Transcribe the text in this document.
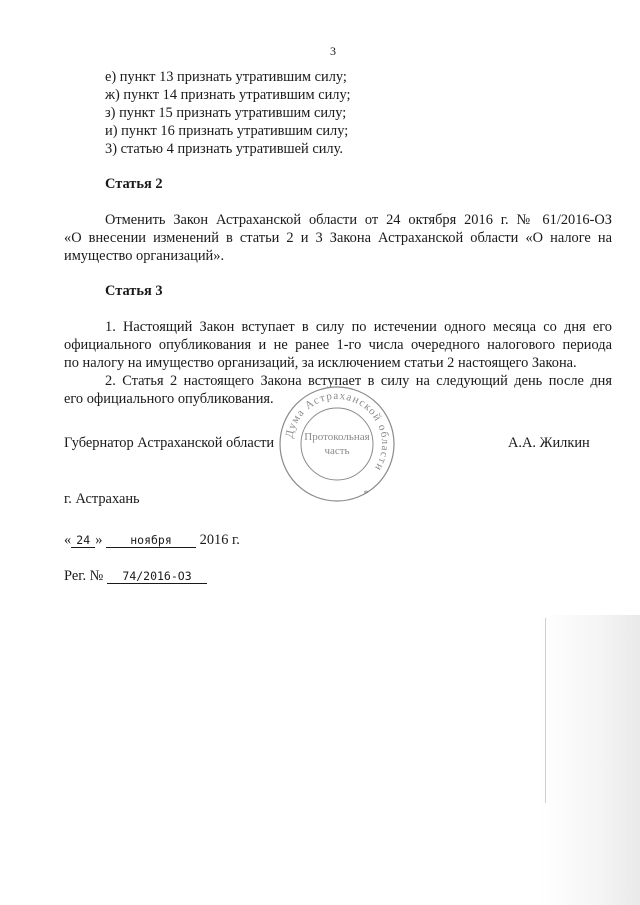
3
е) пункт 13 признать утратившим силу;
ж) пункт 14 признать утратившим силу;
з) пункт 15 признать утратившим силу;
и) пункт 16 признать утратившим силу;
3) статью 4 признать утратившей силу.
Статья 2
Отменить Закон Астраханской области от 24 октября 2016 г. № 61/2016-ОЗ
«О внесении изменений в статьи 2 и 3 Закона Астраханской области «О налоге на
имущество организаций».
Статья 3
1. Настоящий Закон вступает в силу по истечении одного месяца со дня его
официального опубликования и не ранее 1-го числа очередного налогового периода
по налогу на имущество организаций, за исключением статьи 2 настоящего Закона.
2. Статья 2 настоящего Закона вступает в силу на следующий день после дня
его официального опубликования.
Губернатор Астраханской области	А.А. Жилкин
Дума Астраханской области
Протокольная
часть
*
г. Астрахань
« 24 » ноября 2016 г.
Рег. № 74/2016-ОЗ
